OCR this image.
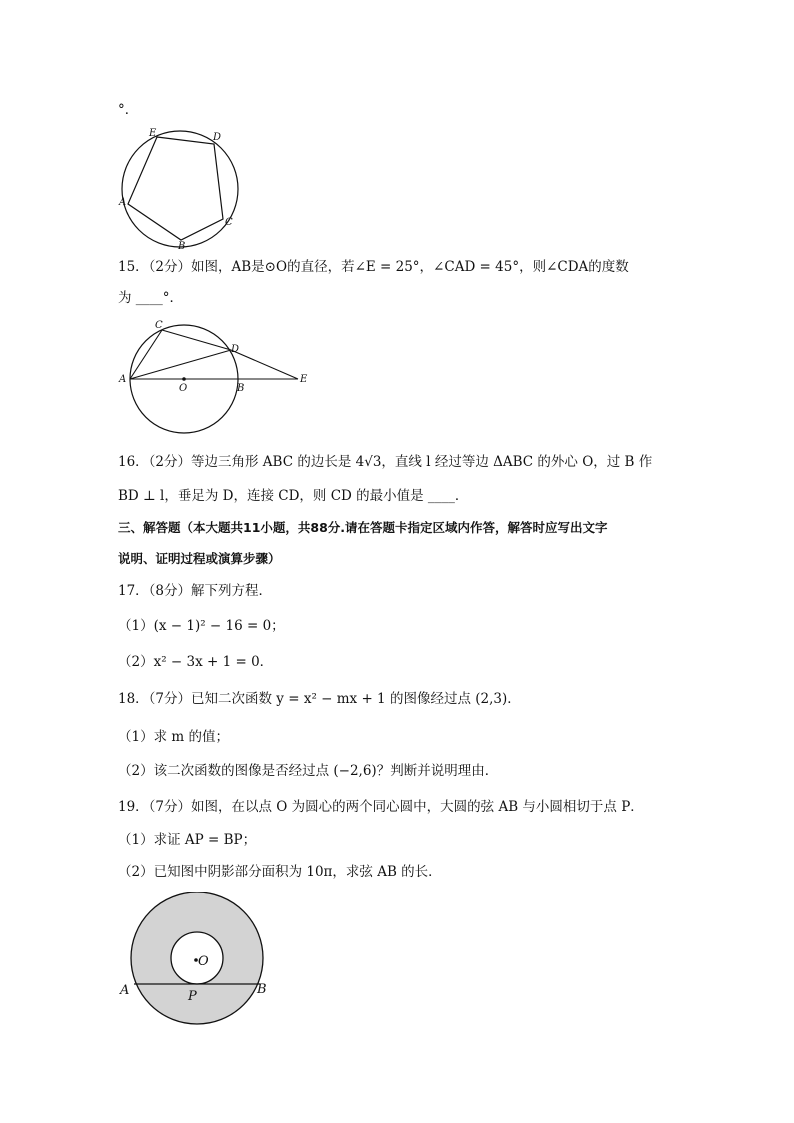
°．
E	D
A
C
B
15．（2分）如图，AB是⊙O的直径，若∠E = 25°，∠CAD = 45°，则∠CDA的度数
为 ____°．
C
D
A
O	B
E
16．（2分）等边三角形 ABC 的边长是 4√3，直线 l 经过等边 ΔABC 的外心 O，过 B 作
BD ⊥ l，垂足为 D，连接 CD，则 CD 的最小值是 ____．
三、解答题（本大题共11小题，共88分.请在答题卡指定区域内作答，解答时应写出文字
说明、证明过程或演算步骤）
17．（8分）解下列方程．
（1）(x − 1)² − 16 = 0；
（2）x² − 3x + 1 = 0．
18．（7分）已知二次函数 y = x² − mx + 1 的图像经过点 (2,3)．
（1）求 m 的值；
（2）该二次函数的图像是否经过点 (−2,6)？判断并说明理由．
19．（7分）如图，在以点 O 为圆心的两个同心圆中，大圆的弦 AB 与小圆相切于点 P．
（1）求证 AP = BP；
（2）已知图中阴影部分面积为 10π，求弦 AB 的长．
O
A	P	B
